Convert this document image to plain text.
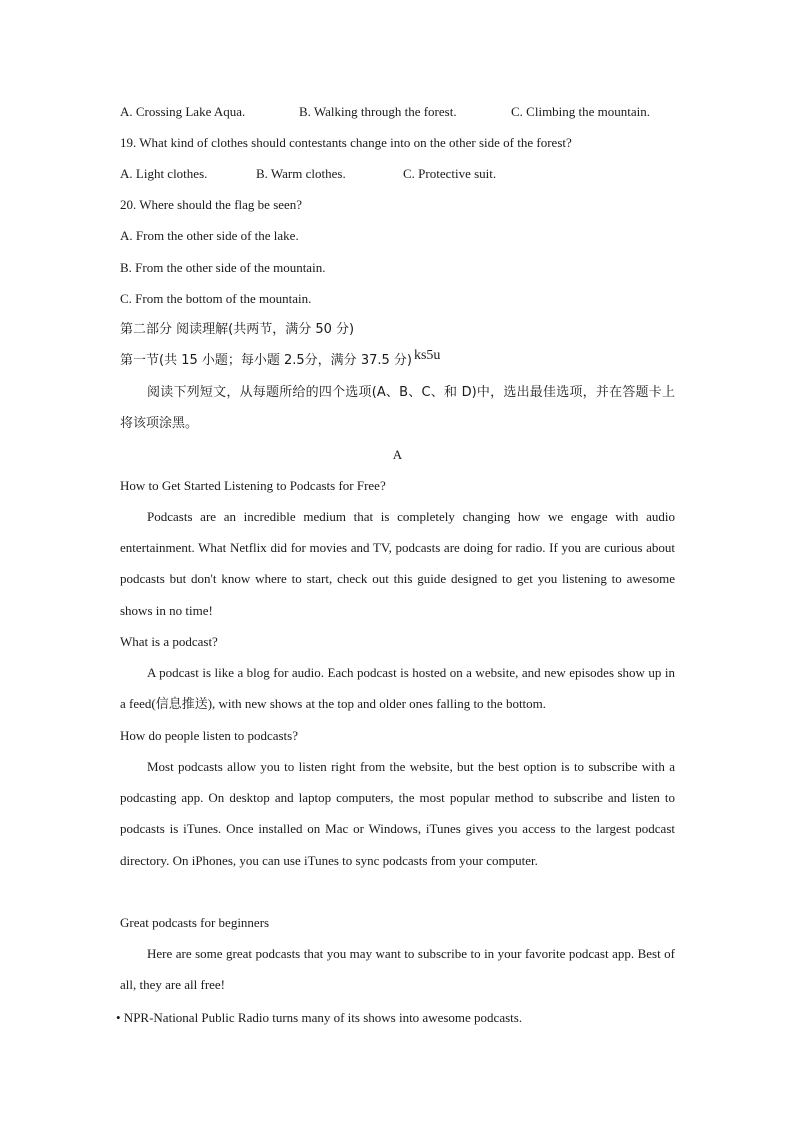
A. Crossing Lake Aqua.	B. Walking through the forest.	C. Climbing the mountain.
19. What kind of clothes should contestants change into on the other side of the forest?
A. Light clothes.	B. Warm clothes.	C. Protective suit.
20. Where should the flag be seen?
A. From the other side of the lake.
B. From the other side of the mountain.
C. From the bottom of the mountain.
第二部分 阅读理解(共两节，满分 50 分)
第一节(共 15 小题；每小题 2.5分，满分 37.5 分) ks5u
阅读下列短文，从每题所给的四个选项(A、B、C、和 D)中，选出最佳选项，并在答题卡上将该项涂黑。
A
How to Get Started Listening to Podcasts for Free?
Podcasts are an incredible medium that is completely changing how we engage with audio entertainment. What Netflix did for movies and TV, podcasts are doing for radio. If you are curious about podcasts but don't know where to start, check out this guide designed to get you listening to awesome shows in no time!
What is a podcast?
A podcast is like a blog for audio. Each podcast is hosted on a website, and new episodes show up in a feed(信息推送), with new shows at the top and older ones falling to the bottom.
How do people listen to podcasts?
Most podcasts allow you to listen right from the website, but the best option is to subscribe with a podcasting app. On desktop and laptop computers, the most popular method to subscribe and listen to podcasts is iTunes. Once installed on Mac or Windows, iTunes gives you access to the largest podcast directory. On iPhones, you can use iTunes to sync podcasts from your computer.
Great podcasts for beginners
Here are some great podcasts that you may want to subscribe to in your favorite podcast app. Best of all, they are all free!
• NPR-National Public Radio turns many of its shows into awesome podcasts.
